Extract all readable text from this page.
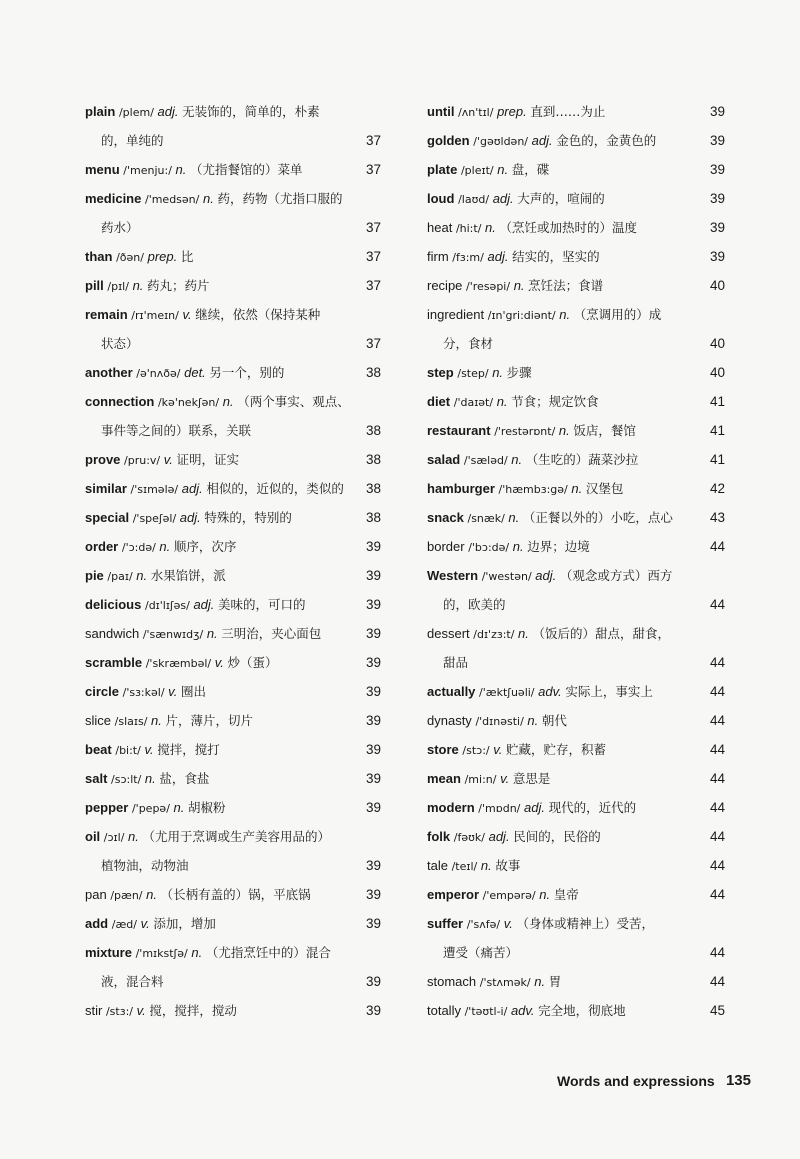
plain /plem/ adj. 无装饰的，简单的，朴素
的，单纯的	37
menu /'menju:/ n. （尤指餐馆的）菜单	37
medicine /'medsən/ n. 药，药物（尤指口服的
药水）	37
than /ðən/ prep. 比	37
pill /pɪl/ n. 药丸；药片	37
remain /rɪ'meɪn/ v. 继续，依然（保持某种
状态）	37
another /ə'nʌðə/ det. 另一个，别的	38
connection /kə'nekʃən/ n. （两个事实、观点、
事件等之间的）联系，关联	38
prove /pru:v/ v. 证明，证实	38
similar /'sɪmələ/ adj. 相似的，近似的，类似的 38
special /'speʃəl/ adj. 特殊的，特别的	38
order /'ɔ:də/ n. 顺序，次序	39
pie /paɪ/ n. 水果馅饼，派	39
delicious /dɪ'lɪʃəs/ adj. 美味的，可口的	39
sandwich /'sænwɪdʒ/ n. 三明治，夹心面包	39
scramble /'skræmbəl/ v. 炒（蛋）	39
circle /'sɜ:kəl/ v. 圈出	39
slice /slaɪs/ n. 片，薄片，切片	39
beat /bi:t/ v. 搅拌，搅打	39
salt /sɔ:lt/ n. 盐，食盐	39
pepper /'pepə/ n. 胡椒粉	39
oil /ɔɪl/ n. （尤用于烹调或生产美容用品的）
植物油，动物油	39
pan /pæn/ n. （长柄有盖的）锅，平底锅	39
add /æd/ v. 添加，增加	39
mixture /'mɪkstʃə/ n. （尤指烹饪中的）混合
液，混合料	39
stir /stɜ:/ v. 搅，搅拌，搅动	39
until /ʌn'tɪl/ prep. 直到……为止	39
golden /'gəʊldən/ adj. 金色的，金黄色的	39
plate /pleɪt/ n. 盘，碟	39
loud /laʊd/ adj. 大声的，喧闹的	39
heat /hi:t/ n. （烹饪或加热时的）温度	39
firm /fɜ:m/ adj. 结实的，坚实的	39
recipe /'resəpi/ n. 烹饪法；食谱	40
ingredient /ɪn'gri:diənt/ n. （烹调用的）成
分，食材	40
step /step/ n. 步骤	40
diet /'daɪət/ n. 节食；规定饮食	41
restaurant /'restərɒnt/ n. 饭店，餐馆	41
salad /'sæləd/ n. （生吃的）蔬菜沙拉	41
hamburger /'hæmbɜ:gə/ n. 汉堡包	42
snack /snæk/ n. （正餐以外的）小吃，点心	43
border /'bɔ:də/ n. 边界；边境	44
Western /'westən/ adj. （观念或方式）西方
的，欧美的	44
dessert /dɪ'zɜ:t/ n. （饭后的）甜点，甜食，
甜品	44
actually /'æktʃuəli/ adv. 实际上，事实上	44
dynasty /'dɪnəsti/ n. 朝代	44
store /stɔ:/ v. 贮藏，贮存，积蓄	44
mean /mi:n/ v. 意思是	44
modern /'mɒdn/ adj. 现代的，近代的	44
folk /fəʊk/ adj. 民间的，民俗的	44
tale /teɪl/ n. 故事	44
emperor /'empərə/ n. 皇帝	44
suffer /'sʌfə/ v. （身体或精神上）受苦，
遭受（痛苦）	44
stomach /'stʌmək/ n. 胃	44
totally /'təʊtl-i/ adv. 完全地，彻底地	45
Words and expressions 135
